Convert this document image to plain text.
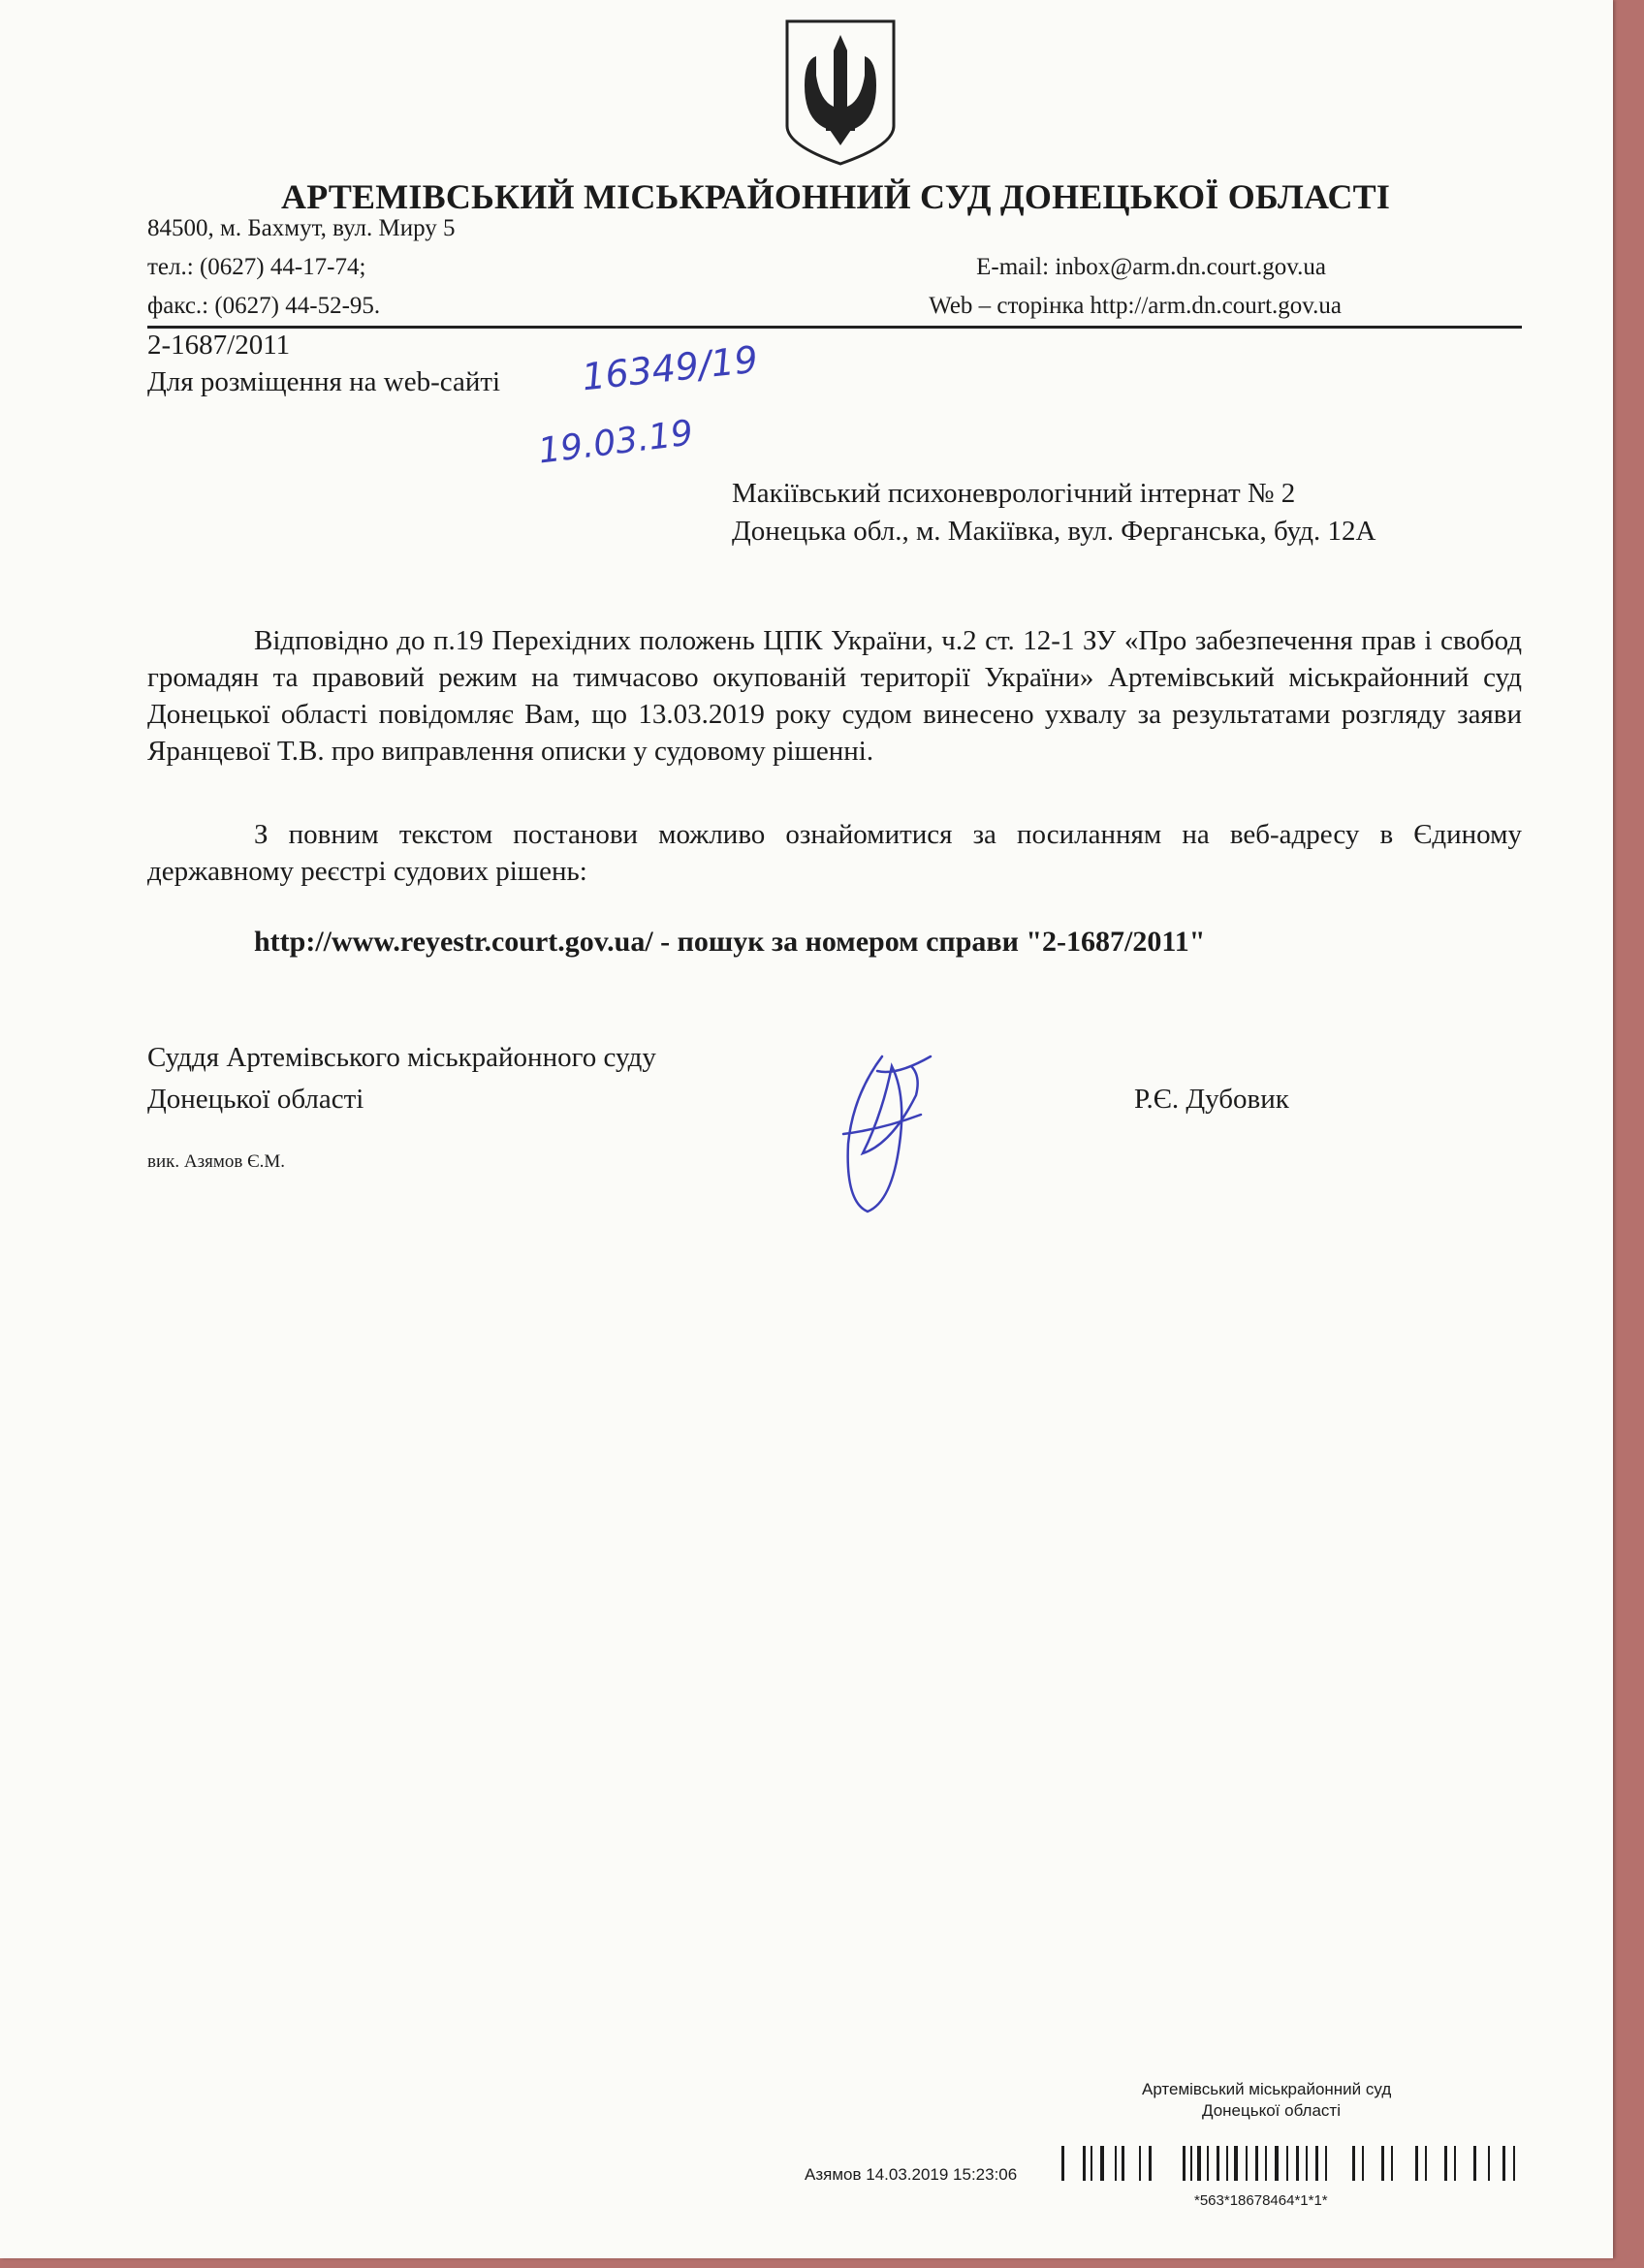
АРТЕМІВСЬКИЙ МІСЬКРАЙОННИЙ СУД ДОНЕЦЬКОЇ ОБЛАСТІ
84500, м. Бахмут, вул. Миру 5
тел.: (0627) 44-17-74;	E-mail: inbox@arm.dn.court.gov.ua
факс.: (0627) 44-52-95.	Web – сторінка http://arm.dn.court.gov.ua
2-1687/2011
Для розміщення на web-сайті 16349/19
19.03.19
Макіївський психоневрологічний інтернат № 2
Донецька обл., м. Макіївка, вул. Ферганська, буд. 12А
Відповідно до п.19 Перехідних положень ЦПК України, ч.2 ст. 12-1 ЗУ «Про забезпечення прав і свобод громадян та правовий режим на тимчасово окупованій території України» Артемівський міськрайонний суд Донецької області повідомляє Вам, що 13.03.2019 року судом винесено ухвалу за результатами розгляду заяви Яранцевої Т.В. про виправлення описки у судовому рішенні.
З повним текстом постанови можливо ознайомитися за посиланням на веб-адресу в Єдиному державному реєстрі судових рішень:
http://www.reyestr.court.gov.ua/ - пошук за номером справи "2-1687/2011"
Суддя Артемівського міськрайонного суду
Донецької області	Р.Є. Дубовик
вик. Азямов Є.М.
Артемівський міськрайонний суд
Донецької області
Азямов 14.03.2019 15:23:06
*563*18678464*1*1*
